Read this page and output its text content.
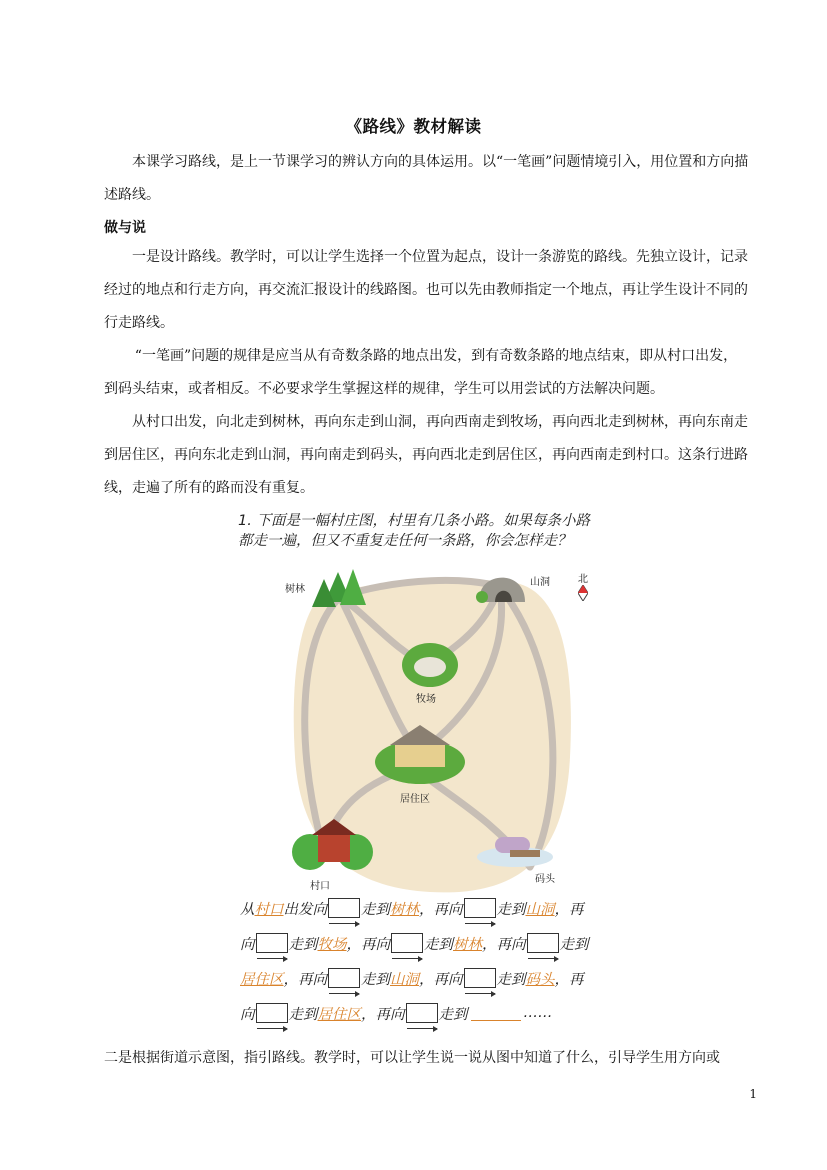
《路线》教材解读

本课学习路线，是上一节课学习的辨认方向的具体运用。以“一笔画”问题情境引入，用位置和方向描述路线。

做与说

一是设计路线。教学时，可以让学生选择一个位置为起点，设计一条游览的路线。先独立设计，记录经过的地点和行走方向，再交流汇报设计的线路图。也可以先由教师指定一个地点，再让学生设计不同的行走路线。

“一笔画”问题的规律是应当从有奇数条路的地点出发，到有奇数条路的地点结束，即从村口出发，到码头结束，或者相反。不必要求学生掌握这样的规律，学生可以用尝试的方法解决问题。

从村口出发，向北走到树林，再向东走到山洞，再向西南走到牧场，再向西北走到树林，再向东南走到居住区，再向东北走到山洞，再向南走到码头，再向西北走到居住区，再向西南走到村口。这条行进路线，走遍了所有的路而没有重复。

1. 下面是一幅村庄图，村里有几条小路。如果每条小路都走一遍，但又不重复走任何一条路，你会怎样走？
树林
山洞
牧场
居住区
村口
码头
北
从 村口 出发向 走到 树林 ，再向 走到 山洞 ，再
向 走到 牧场 ，再向 走到 树林 ，再向 走到
居住区 ，再向 走到 山洞 ，再向 走到 码头 ，再
向 走到 居住区 ，再向 走到	……

二是根据街道示意图，指引路线。教学时，可以让学生说一说从图中知道了什么，引导学生用方向或

1
